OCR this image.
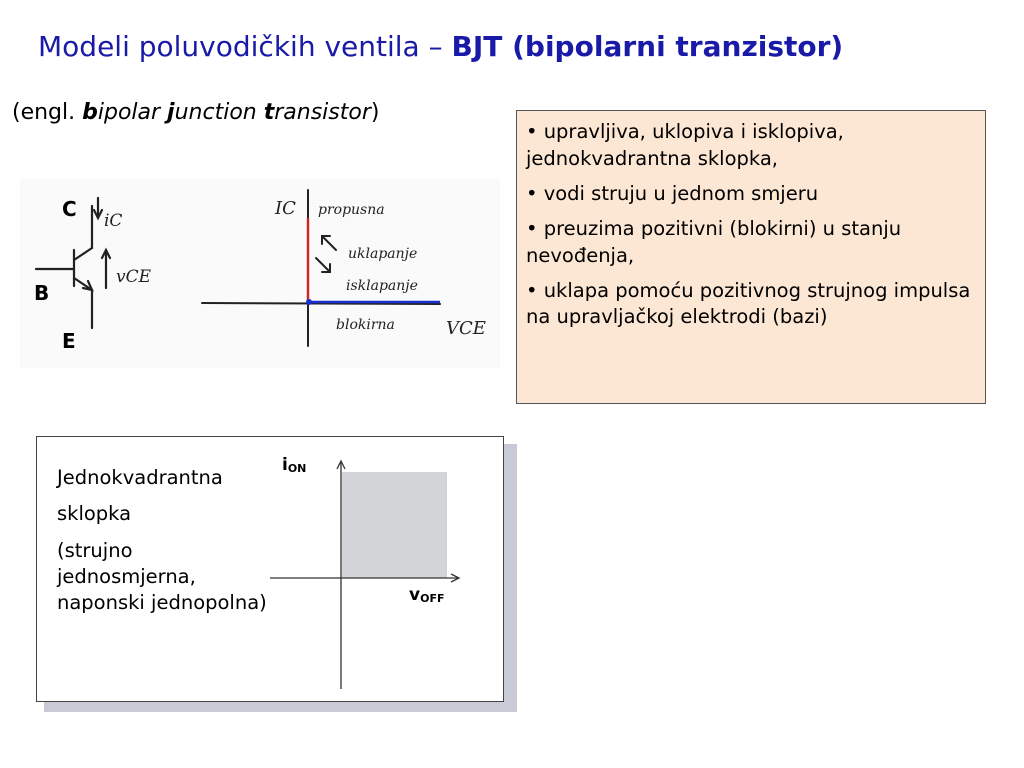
Modeli poluvodičkih ventila – BJT (bipolarni tranzistor)
(engl. bipolar junction transistor)
iC
vCE
IC propusna
uklapanje
isklapanje
blokirna	VCE
C
B
E

• upravljiva, uklopiva i isklopiva, jednokvadrantna sklopka,

• vodi struju u jednom smjeru

• preuzima pozitivni (blokirni) u stanju nevođenja,

• uklapa pomoću pozitivnog strujnog impulsa na upravljačkoj elektrodi (bazi)

Jednokvadrantna

sklopka

(strujno jednosmjerna, naponski jednopolna)

$i_{ON}$
$v_{OFF}$
